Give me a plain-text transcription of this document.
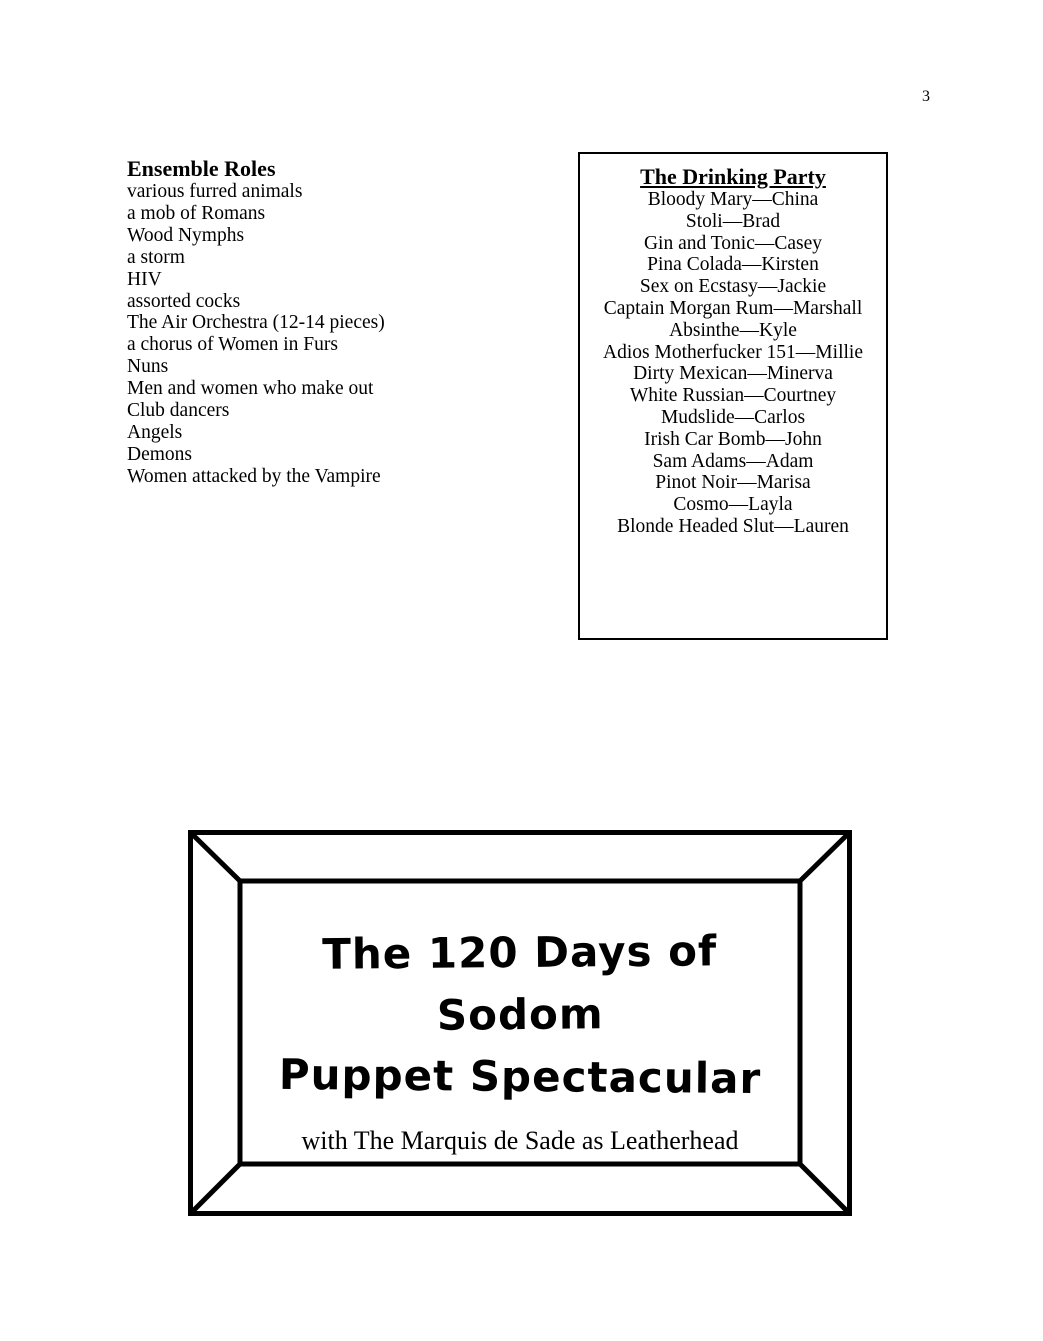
3
Ensemble Roles
various furred animals
a mob of Romans
Wood Nymphs
a storm
HIV
assorted cocks
The Air Orchestra (12-14 pieces)
a chorus of Women in Furs
Nuns
Men and women who make out
Club dancers
Angels
Demons
Women attacked by the Vampire
The Drinking Party
Bloody Mary—China
Stoli—Brad
Gin and Tonic—Casey
Pina Colada—Kirsten
Sex on Ecstasy—Jackie
Captain Morgan Rum—Marshall
Absinthe—Kyle
Adios Motherfucker 151—Millie
Dirty Mexican—Minerva
White Russian—Courtney
Mudslide—Carlos
Irish Car Bomb—John
Sam Adams—Adam
Pinot Noir—Marisa
Cosmo—Layla
Blonde Headed Slut—Lauren
The 120 Days of Sodom
Puppet Spectacular
with The Marquis de Sade as Leatherhead
